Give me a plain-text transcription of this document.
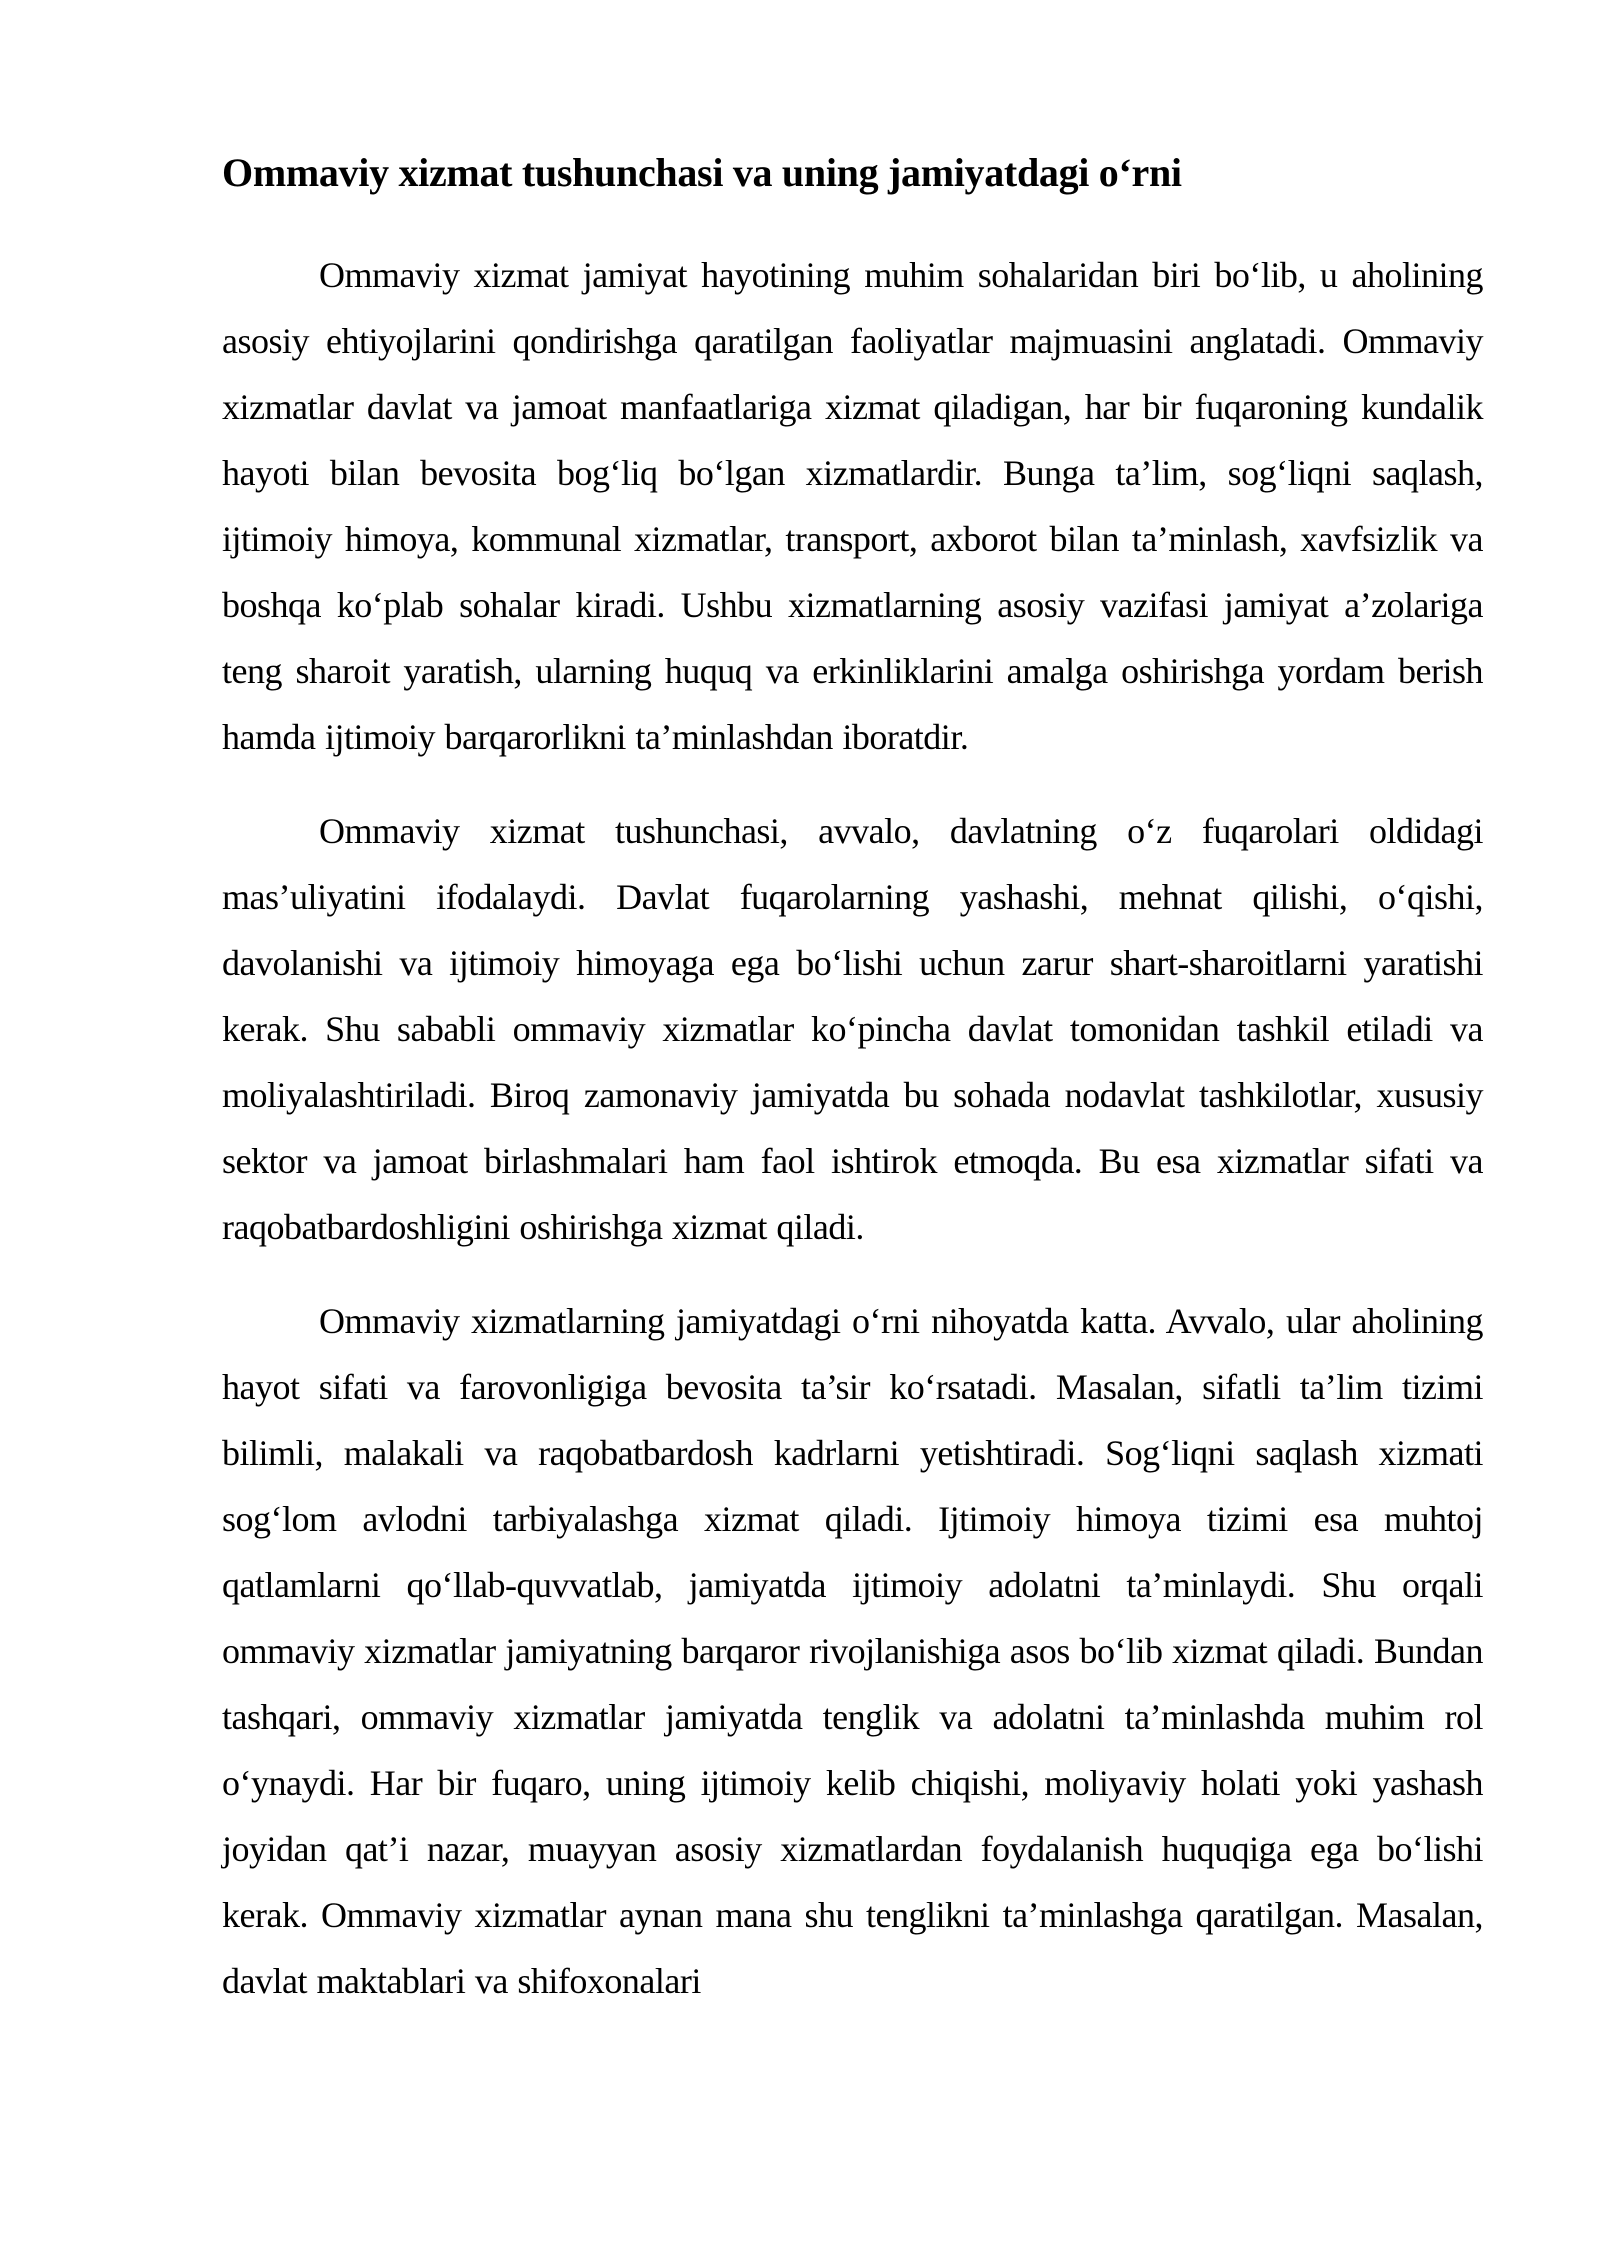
Ommaviy xizmat tushunchasi va uning jamiyatdagi o‘rni

Ommaviy xizmat jamiyat hayotining muhim sohalaridan biri bo‘lib, u aholining asosiy ehtiyojlarini qondirishga qaratilgan faoliyatlar majmuasini anglatadi. Ommaviy xizmatlar davlat va jamoat manfaatlariga xizmat qiladigan, har bir fuqaroning kundalik hayoti bilan bevosita bog‘liq bo‘lgan xizmatlardir. Bunga ta’lim, sog‘liqni saqlash, ijtimoiy himoya, kommunal xizmatlar, transport, axborot bilan ta’minlash, xavfsizlik va boshqa ko‘plab sohalar kiradi. Ushbu xizmatlarning asosiy vazifasi jamiyat a’zolariga teng sharoit yaratish, ularning huquq va erkinliklarini amalga oshirishga yordam berish hamda ijtimoiy barqarorlikni ta’minlashdan iboratdir.

Ommaviy xizmat tushunchasi, avvalo, davlatning o‘z fuqarolari oldidagi mas’uliyatini ifodalaydi. Davlat fuqarolarning yashashi, mehnat qilishi, o‘qishi, davolanishi va ijtimoiy himoyaga ega bo‘lishi uchun zarur shart-sharoitlarni yaratishi kerak. Shu sababli ommaviy xizmatlar ko‘pincha davlat tomonidan tashkil etiladi va moliyalashtiriladi. Biroq zamonaviy jamiyatda bu sohada nodavlat tashkilotlar, xususiy sektor va jamoat birlashmalari ham faol ishtirok etmoqda. Bu esa xizmatlar sifati va raqobatbardoshligini oshirishga xizmat qiladi.

Ommaviy xizmatlarning jamiyatdagi o‘rni nihoyatda katta. Avvalo, ular aholining hayot sifati va farovonligiga bevosita ta’sir ko‘rsatadi. Masalan, sifatli ta’lim tizimi bilimli, malakali va raqobatbardosh kadrlarni yetishtiradi. Sog‘liqni saqlash xizmati sog‘lom avlodni tarbiyalashga xizmat qiladi. Ijtimoiy himoya tizimi esa muhtoj qatlamlarni qo‘llab-quvvatlab, jamiyatda ijtimoiy adolatni ta’minlaydi. Shu orqali ommaviy xizmatlar jamiyatning barqaror rivojlanishiga asos bo‘lib xizmat qiladi. Bundan tashqari, ommaviy xizmatlar jamiyatda tenglik va adolatni ta’minlashda muhim rol o‘ynaydi. Har bir fuqaro, uning ijtimoiy kelib chiqishi, moliyaviy holati yoki yashash joyidan qat’i nazar, muayyan asosiy xizmatlardan foydalanish huquqiga ega bo‘lishi kerak. Ommaviy xizmatlar aynan mana shu tenglikni ta’minlashga qaratilgan. Masalan, davlat maktablari va shifoxonalari
